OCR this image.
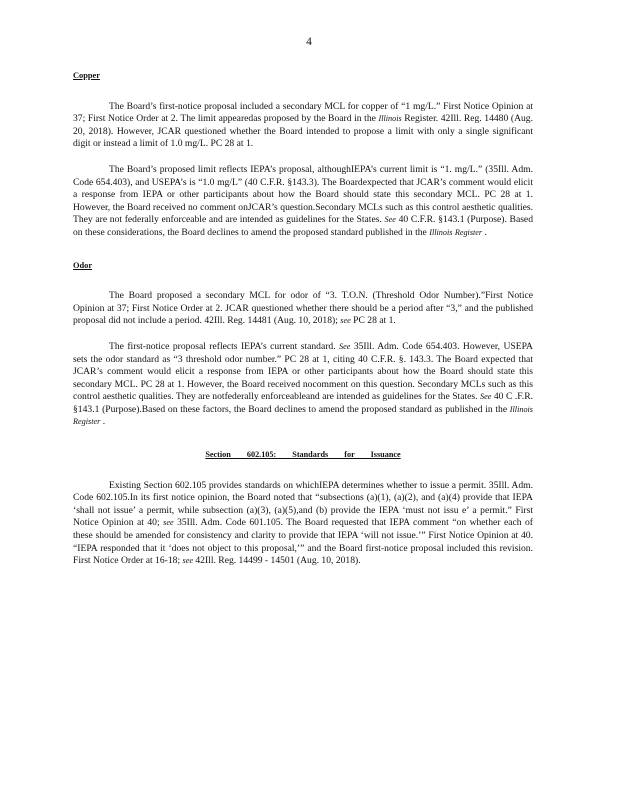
4
Copper

The Board’s first-notice proposal included a secondary MCL for copper of “1 mg/L.” First Notice Opinion at 37; First Notice Order at 2. The limit appearedas proposed by the Board in the Illinois Register. 42Ill. Reg. 14480 (Aug. 20, 2018). However, JCAR questioned whether the Board intended to propose a limit with only a single significant digit or instead a limit of 1.0 mg/L. PC 28 at 1.

The Board’s proposed limit reflects IEPA’s proposal, althoughIEPA’s current limit is “1. mg/L.” (35Ill. Adm. Code 654.403), and USEPA’s is “1.0 mg/L” (40 C.F.R. §143.3). The Boardexpected that JCAR’s comment would elicit a response from IEPA or other participants about how the Board should state this secondary MCL. PC 28 at 1. However, the Board received no comment onJCAR’s question.Secondary MCLs such as this control aesthetic qualities. They are not federally enforceable and are intended as guidelines for the States. See 40 C.F.R. §143.1 (Purpose). Based on these considerations, the Board declines to amend the proposed standard published in the Illinois Register .

Odor

The Board proposed a secondary MCL for odor of “3. T.O.N. (Threshold Odor Number).”First Notice Opinion at 37; First Notice Order at 2. JCAR questioned whether there should be a period after “3,” and the published proposal did not include a period. 42Ill. Reg. 14481 (Aug. 10, 2018); see PC 28 at 1.

The first-notice proposal reflects IEPA’s current standard. See 35Ill. Adm. Code 654.403. However, USEPA sets the odor standard as “3 threshold odor number.” PC 28 at 1, citing 40 C.F.R. §. 143.3. The Board expected that JCAR’s comment would elicit a response from IEPA or other participants about how the Board should state this secondary MCL. PC 28 at 1. However, the Board received nocomment on this question. Secondary MCLs such as this control aesthetic qualities. They are notfederally enforceableand are intended as guidelines for the States. See 40 C .F.R. §143.1 (Purpose).Based on these factors, the Board declines to amend the proposed standard as published in the Illinois Register .

Section 602.105: Standards for Issuance

Existing Section 602.105 provides standards on whichIEPA determines whether to issue a permit. 35Ill. Adm. Code 602.105.In its first notice opinion, the Board noted that “subsections (a)(1), (a)(2), and (a)(4) provide that IEPA ‘shall not issue’ a permit, while subsection (a)(3), (a)(5),and (b) provide the IEPA ‘must not issu e’ a permit.” First Notice Opinion at 40; see 35Ill. Adm. Code 601.105. The Board requested that IEPA comment “on whether each of these should be amended for consistency and clarity to provide that IEPA ‘will not issue.’” First Notice Opinion at 40. “IEPA responded that it ‘does not object to this proposal,’” and the Board first-notice proposal included this revision. First Notice Order at 16-18; see 42Ill. Reg. 14499 - 14501 (Aug. 10, 2018).
